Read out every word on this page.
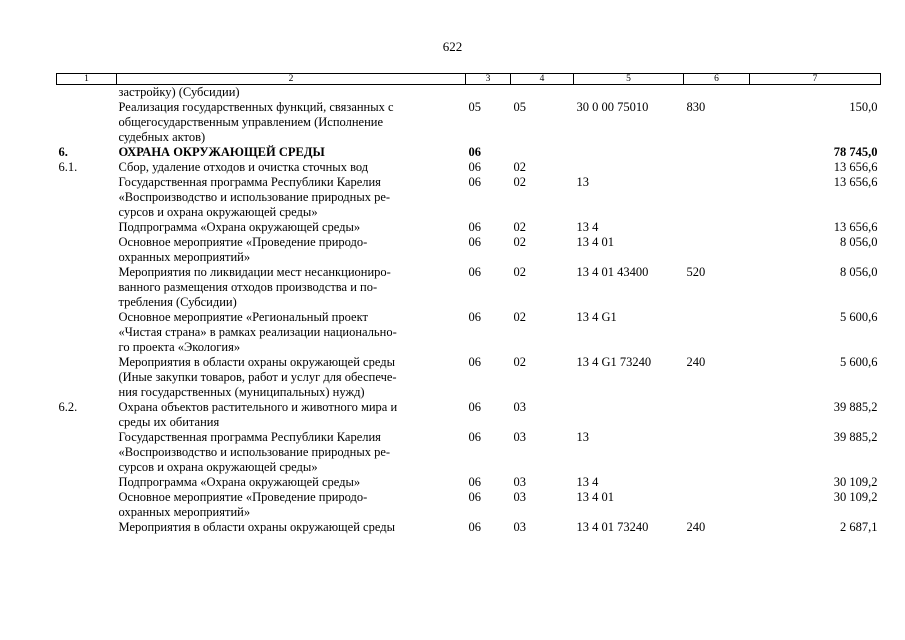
622
1	2	3	4	5	6	7
	застройку) (Субсидии)					
	Реализация государственных функций, связанных с
общегосударственным управлением (Исполнение
судебных актов)	05	05	30 0 00 75010	830	150,0
6.	ОХРАНА ОКРУЖАЮЩЕЙ СРЕДЫ	06				78 745,0
6.1.	Сбор, удаление отходов и очистка сточных вод	06	02			13 656,6
	Государственная программа Республики Карелия
«Воспроизводство и использование природных ре-
сурсов и охрана окружающей среды»	06	02	13		13 656,6
	Подпрограмма «Охрана окружающей среды»	06	02	13 4		13 656,6
	Основное мероприятие «Проведение природо-
охранных мероприятий»	06	02	13 4 01		8 056,0
	Мероприятия по ликвидации мест несанкциониро-
ванного размещения отходов производства и по-
требления (Субсидии)	06	02	13 4 01 43400	520	8 056,0
	Основное мероприятие «Региональный проект
«Чистая страна» в рамках реализации национально-
го проекта «Экология»	06	02	13 4 G1		5 600,6
	Мероприятия в области охраны окружающей среды
(Иные закупки товаров, работ и услуг для обеспече-
ния государственных (муниципальных) нужд)	06	02	13 4 G1 73240	240	5 600,6
6.2.	Охрана объектов растительного и животного мира и
среды их обитания	06	03			39 885,2
	Государственная программа Республики Карелия
«Воспроизводство и использование природных ре-
сурсов и охрана окружающей среды»	06	03	13		39 885,2
	Подпрограмма «Охрана окружающей среды»	06	03	13 4		30 109,2
	Основное мероприятие «Проведение природо-
охранных мероприятий»	06	03	13 4 01		30 109,2
	Мероприятия в области охраны окружающей среды	06	03	13 4 01 73240	240	2 687,1
